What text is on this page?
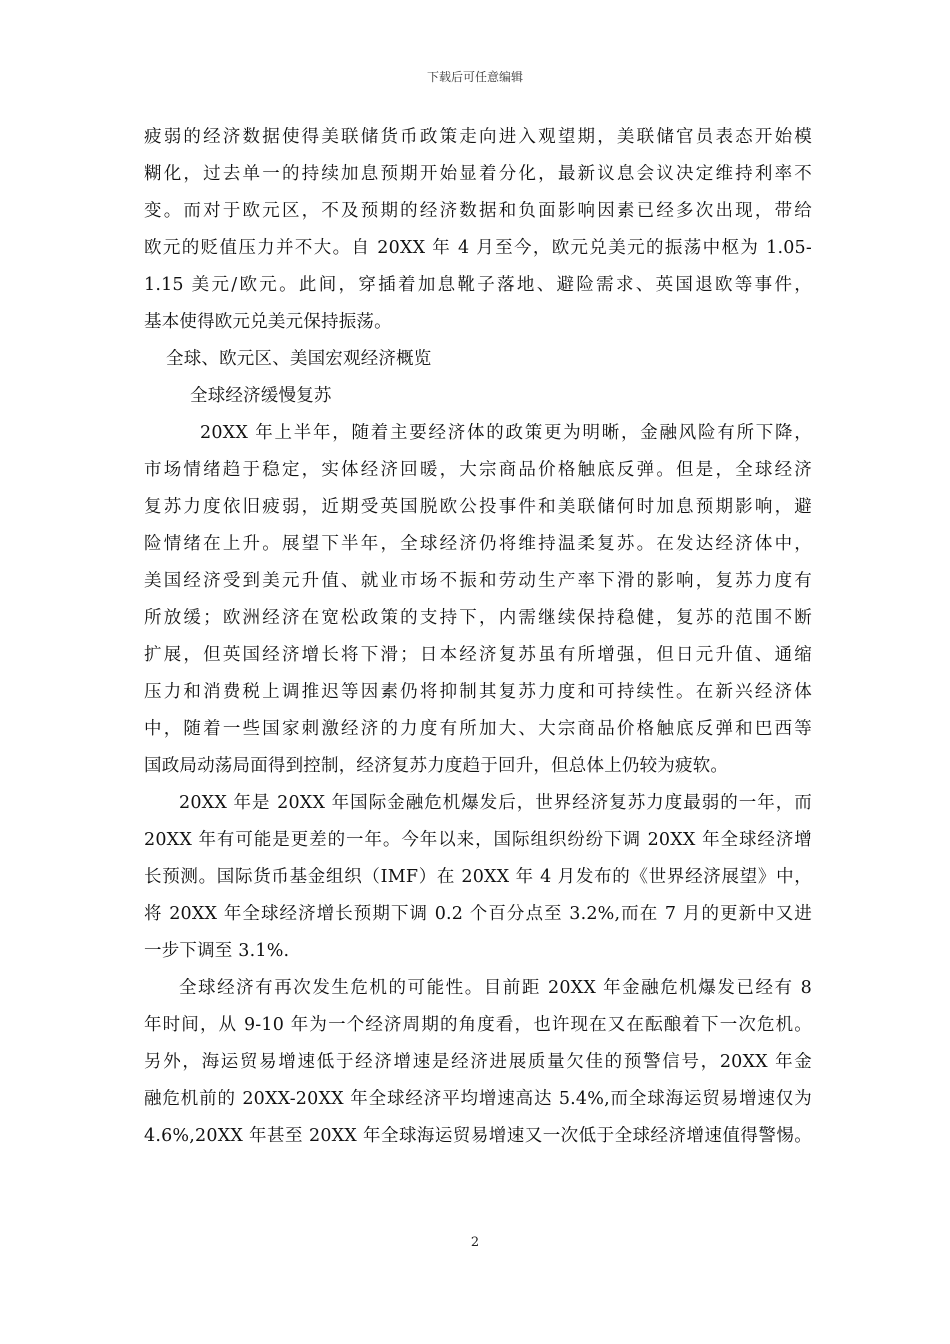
下载后可任意编辑
疲弱的经济数据使得美联储货币政策走向进入观望期，美联储官员表态开始模
糊化，过去单一的持续加息预期开始显着分化，最新议息会议决定维持利率不
变。而对于欧元区，不及预期的经济数据和负面影响因素已经多次出现，带给
欧元的贬值压力并不大。自 20XX 年 4 月至今，欧元兑美元的振荡中枢为 1.05-
1.15 美元/欧元。此间，穿插着加息靴子落地、避险需求、英国退欧等事件，
基本使得欧元兑美元保持振荡。
全球、欧元区、美国宏观经济概览
全球经济缓慢复苏
20XX 年上半年，随着主要经济体的政策更为明晰，金融风险有所下降，
市场情绪趋于稳定，实体经济回暖，大宗商品价格触底反弹。但是，全球经济
复苏力度依旧疲弱，近期受英国脱欧公投事件和美联储何时加息预期影响，避
险情绪在上升。展望下半年，全球经济仍将维持温柔复苏。在发达经济体中，
美国经济受到美元升值、就业市场不振和劳动生产率下滑的影响，复苏力度有
所放缓；欧洲经济在宽松政策的支持下，内需继续保持稳健，复苏的范围不断
扩展，但英国经济增长将下滑；日本经济复苏虽有所增强，但日元升值、通缩
压力和消费税上调推迟等因素仍将抑制其复苏力度和可持续性。在新兴经济体
中，随着一些国家刺激经济的力度有所加大、大宗商品价格触底反弹和巴西等
国政局动荡局面得到控制，经济复苏力度趋于回升，但总体上仍较为疲软。
20XX 年是 20XX 年国际金融危机爆发后，世界经济复苏力度最弱的一年，而
20XX 年有可能是更差的一年。今年以来，国际组织纷纷下调 20XX 年全球经济增
长预测。国际货币基金组织（IMF）在 20XX 年 4 月发布的《世界经济展望》中，
将 20XX 年全球经济增长预期下调 0.2 个百分点至 3.2%,而在 7 月的更新中又进
一步下调至 3.1%.
全球经济有再次发生危机的可能性。目前距 20XX 年金融危机爆发已经有 8
年时间，从 9-10 年为一个经济周期的角度看，也许现在又在酝酿着下一次危机。
另外，海运贸易增速低于经济增速是经济进展质量欠佳的预警信号，20XX 年金
融危机前的 20XX-20XX 年全球经济平均增速高达 5.4%,而全球海运贸易增速仅为
4.6%,20XX 年甚至 20XX 年全球海运贸易增速又一次低于全球经济增速值得警惕。
2
